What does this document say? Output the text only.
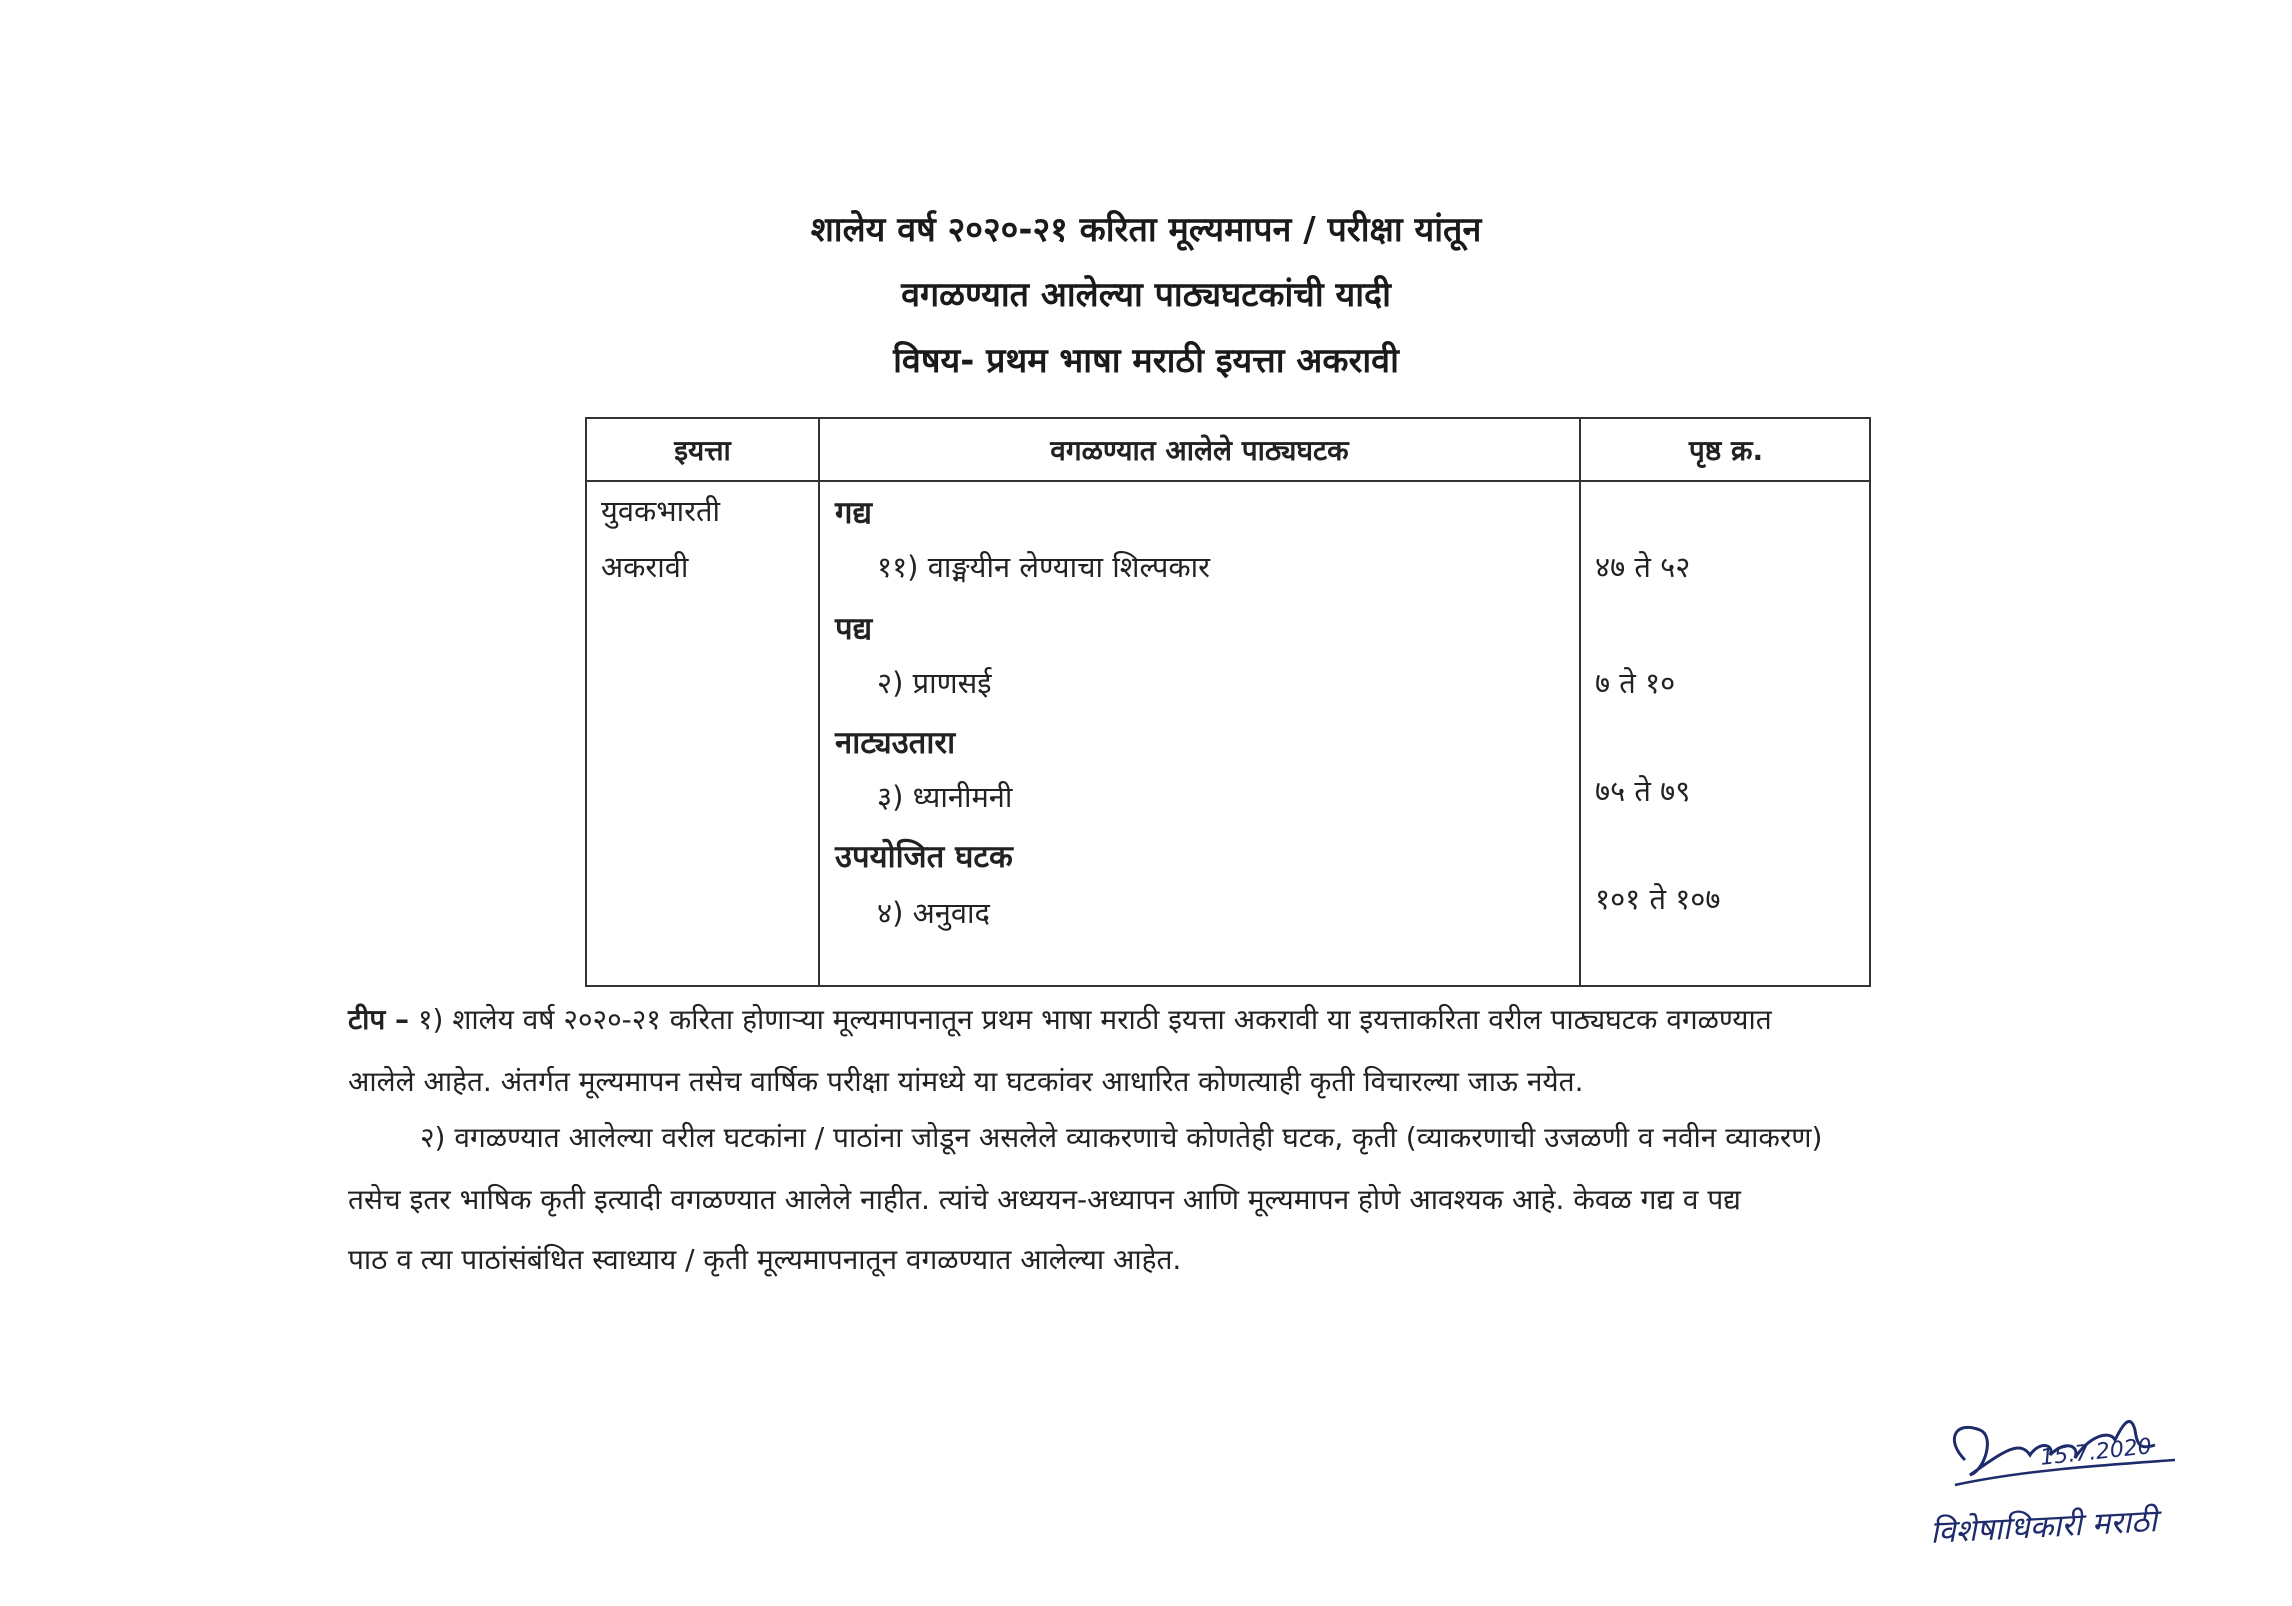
शालेय वर्ष २०२०-२१ करिता मूल्यमापन / परीक्षा यांतून
वगळण्यात आलेल्या पाठ्यघटकांची यादी
विषय- प्रथम भाषा मराठी इयत्ता अकरावी
इयत्ता	वगळण्यात आलेले पाठ्यघटक	पृष्ठ क्र.
युवकभारती
अकरावी
गद्य
११) वाङ्मयीन लेण्याचा शिल्पकार	४७ ते ५२
पद्य
२) प्राणसई	७ ते १०
नाट्यउतारा
३) ध्यानीमनी	७५ ते ७९
उपयोजित घटक
४) अनुवाद	१०१ ते १०७
टीप – १) शालेय वर्ष २०२०-२१ करिता होणाऱ्या मूल्यमापनातून प्रथम भाषा मराठी इयत्ता अकरावी या इयत्ताकरिता वरील पाठ्यघटक वगळण्यात
आलेले आहेत. अंतर्गत मूल्यमापन तसेच वार्षिक परीक्षा यांमध्ये या घटकांवर आधारित कोणत्याही कृती विचारल्या जाऊ नयेत.
२) वगळण्यात आलेल्या वरील घटकांना / पाठांना जोडून असलेले व्याकरणाचे कोणतेही घटक, कृती (व्याकरणाची उजळणी व नवीन व्याकरण)
तसेच इतर भाषिक कृती इत्यादी वगळण्यात आलेले नाहीत. त्यांचे अध्ययन-अध्यापन आणि मूल्यमापन होणे आवश्यक आहे. केवळ गद्य व पद्य
पाठ व त्या पाठांसंबंधित स्वाध्याय / कृती मूल्यमापनातून वगळण्यात आलेल्या आहेत.
15.7.2020
विशेषाधिकारी मराठी
